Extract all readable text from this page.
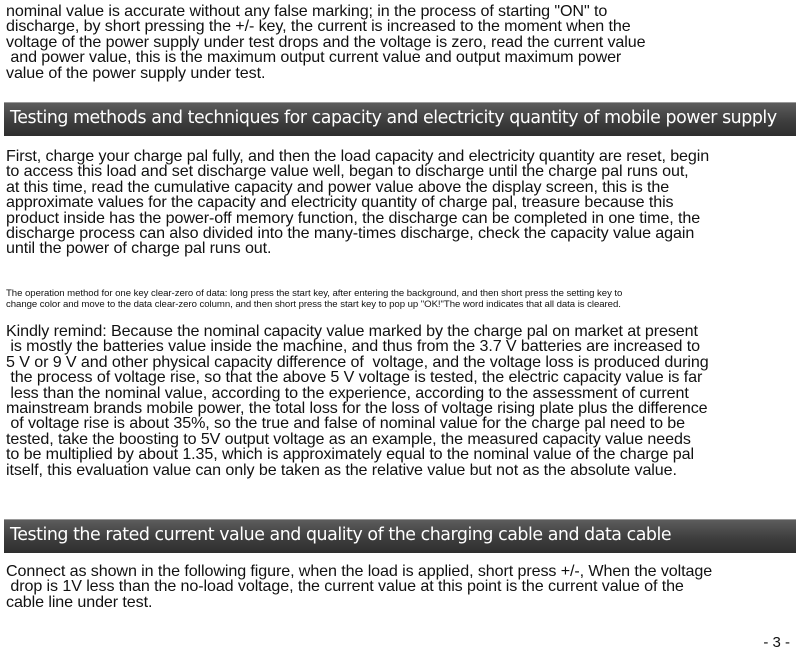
nominal value is accurate without any false marking; in the process of starting "ON" to
discharge, by short pressing the +/- key, the current is increased to the moment when the
voltage of the power supply under test drops and the voltage is zero, read the current value
and power value, this is the maximum output current value and output maximum power
value of the power supply under test.

Testing methods and techniques for capacity and electricity quantity of mobile power supply

First, charge your charge pal fully, and then the load capacity and electricity quantity are reset, begin
to access this load and set discharge value well, began to discharge until the charge pal runs out,
at this time, read the cumulative capacity and power value above the display screen, this is the
approximate values for the capacity and electricity quantity of charge pal, treasure because this
product inside has the power-off memory function, the discharge can be completed in one time, the
discharge process can also divided into the many-times discharge, check the capacity value again
until the power of charge pal runs out.

The operation method for one key clear-zero of data: long press the start key, after entering the background, and then short press the setting key to
change color and move to the data clear-zero column, and then short press the start key to pop up "OK!"The word indicates that all data is cleared.

Kindly remind: Because the nominal capacity value marked by the charge pal on market at present
is mostly the batteries value inside the machine, and thus from the 3.7 V batteries are increased to
5 V or 9 V and other physical capacity difference of  voltage, and the voltage loss is produced during
the process of voltage rise, so that the above 5 V voltage is tested, the electric capacity value is far
less than the nominal value, according to the experience, according to the assessment of current
mainstream brands mobile power, the total loss for the loss of voltage rising plate plus the difference
of voltage rise is about 35%, so the true and false of nominal value for the charge pal need to be
tested, take the boosting to 5V output voltage as an example, the measured capacity value needs
to be multiplied by about 1.35, which is approximately equal to the nominal value of the charge pal
itself, this evaluation value can only be taken as the relative value but not as the absolute value.

Testing the rated current value and quality of the charging cable and data cable

Connect as shown in the following figure, when the load is applied, short press +/-, When the voltage
drop is 1V less than the no-load voltage, the current value at this point is the current value of the
cable line under test.

- 3 -
